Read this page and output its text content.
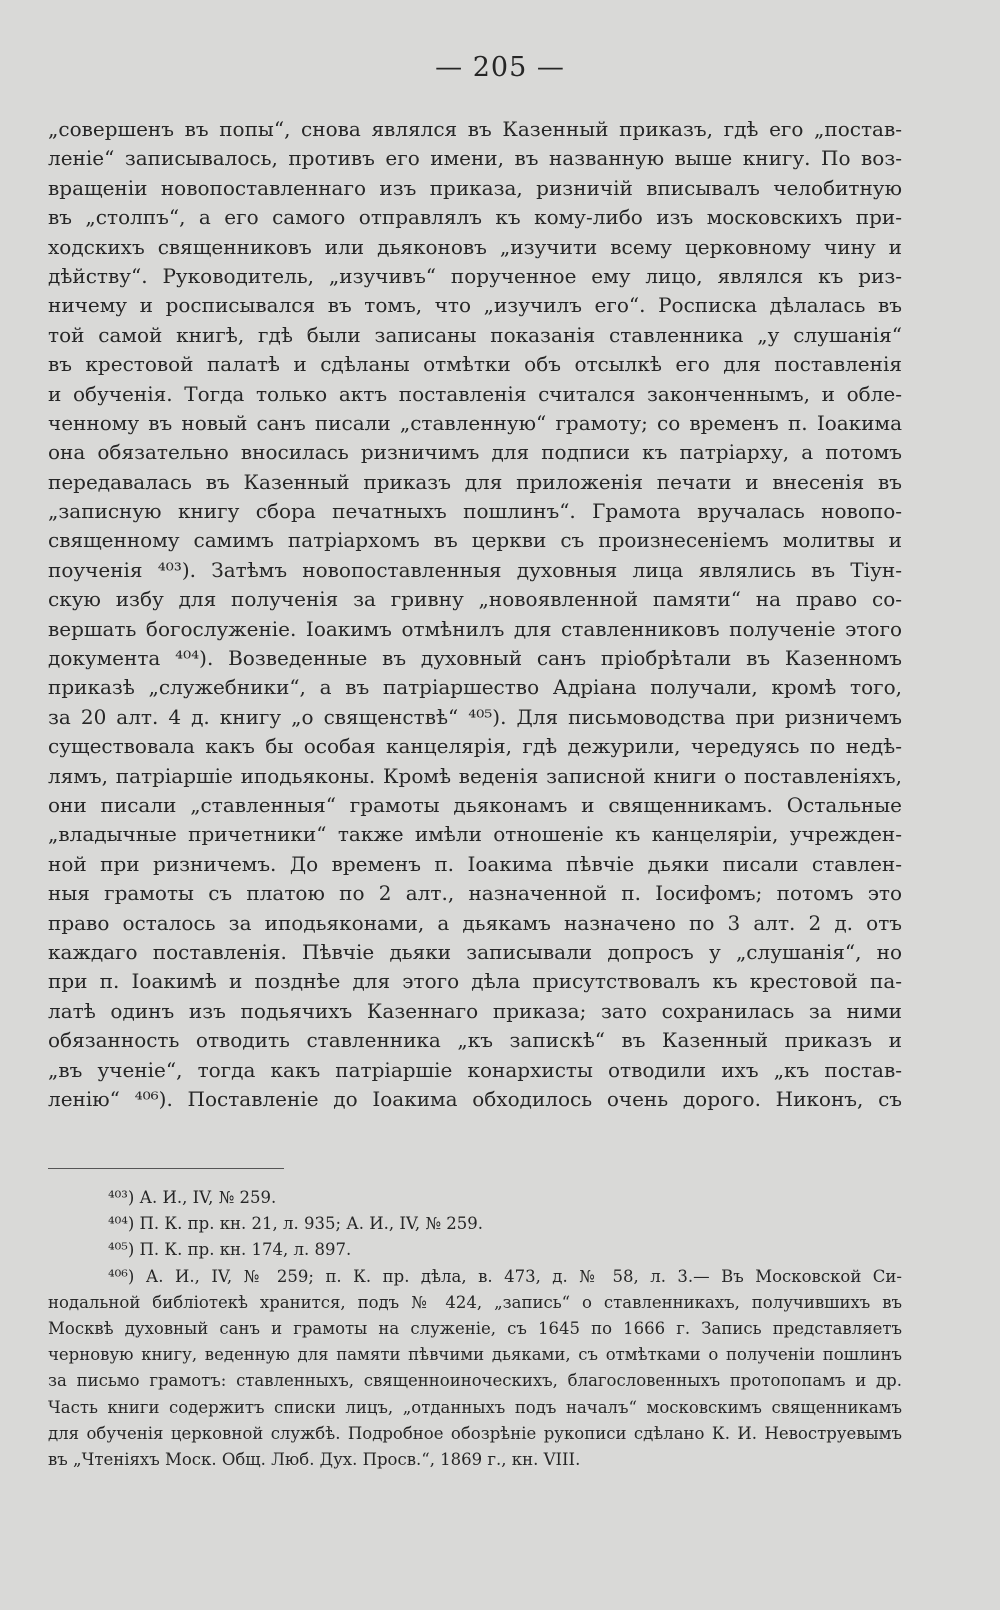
— 205 —
„совершенъ въ попы“, снова являлся въ Казенный приказъ, гдѣ его „постав-
леніе“ записывалось, противъ его имени, въ названную выше книгу. По воз-
вращеніи новопоставленнаго изъ приказа, ризничій вписывалъ челобитную
въ „столпъ“, а его самого отправлялъ къ кому-либо изъ московскихъ при-
ходскихъ священниковъ или дьяконовъ „изучити всему церковному чину и
дѣйству“. Руководитель, „изучивъ“ порученное ему лицо, являлся къ риз-
ничему и росписывался въ томъ, что „изучилъ его“. Росписка дѣлалась въ
той самой книгѣ, гдѣ были записаны показанія ставленника „у слушанія“
въ крестовой палатѣ и сдѣланы отмѣтки объ отсылкѣ его для поставленія
и обученія. Тогда только актъ поставленія считался законченнымъ, и обле-
ченному въ новый санъ писали „ставленную“ грамоту; со временъ п. Іоакима
она обязательно вносилась ризничимъ для подписи къ патріарху, а потомъ
передавалась въ Казенный приказъ для приложенія печати и внесенія въ
„записную книгу сбора печатныхъ пошлинъ“. Грамота вручалась новопо-
священному самимъ патріархомъ въ церкви съ произнесеніемъ молитвы и
поученія ⁴⁰³). Затѣмъ новопоставленныя духовныя лица являлись въ Тіун-
скую избу для полученія за гривну „новоявленной памяти“ на право со-
вершать богослуженіе. Іоакимъ отмѣнилъ для ставленниковъ полученіе этого
документа ⁴⁰⁴). Возведенные въ духовный санъ пріобрѣтали въ Казенномъ
приказѣ „служебники“, а въ патріаршество Адріана получали, кромѣ того,
за 20 алт. 4 д. книгу „о священствѣ“ ⁴⁰⁵). Для письмоводства при ризничемъ
существовала какъ бы особая канцелярія, гдѣ дежурили, чередуясь по недѣ-
лямъ, патріаршіе иподьяконы. Кромѣ веденія записной книги о поставленіяхъ,
они писали „ставленныя“ грамоты дьяконамъ и священникамъ. Остальные
„владычные причетники“ также имѣли отношеніе къ канцеляріи, учрежден-
ной при ризничемъ. До временъ п. Іоакима пѣвчіе дьяки писали ставлен-
ныя грамоты съ платою по 2 алт., назначенной п. Іосифомъ; потомъ это
право осталось за иподьяконами, а дьякамъ назначено по 3 алт. 2 д. отъ
каждаго поставленія. Пѣвчіе дьяки записывали допросъ у „слушанія“, но
при п. Іоакимѣ и позднѣе для этого дѣла присутствовалъ къ крестовой па-
латѣ одинъ изъ подьячихъ Казеннаго приказа; зато сохранилась за ними
обязанность отводить ставленника „къ запискѣ“ въ Казенный приказъ и
„въ ученіе“, тогда какъ патріаршіе конархисты отводили ихъ „къ постав-
ленію“ ⁴⁰⁶). Поставленіе до Іоакима обходилось очень дорого. Никонъ, съ
⁴⁰³) А. И., IV, № 259.
⁴⁰⁴) П. К. пр. кн. 21, л. 935; А. И., IV, № 259.
⁴⁰⁵) П. К. пр. кн. 174, л. 897.
⁴⁰⁶) А. И., IV, № 259; п. К. пр. дѣла, в. 473, д. № 58, л. 3.— Въ Московской Си-
нодальной библіотекѣ хранится, подъ № 424, „запись“ о ставленникахъ, получившихъ въ
Москвѣ духовный санъ и грамоты на служеніе, съ 1645 по 1666 г. Запись представляетъ
черновую книгу, веденную для памяти пѣвчими дьяками, съ отмѣтками о полученіи пошлинъ
за письмо грамотъ: ставленныхъ, священноиноческихъ, благословенныхъ протопопамъ и др.
Часть книги содержитъ списки лицъ, „отданныхъ подъ началъ“ московскимъ священникамъ
для обученія церковной службѣ. Подробное обозрѣніе рукописи сдѣлано К. И. Невоструевымъ
въ „Чтеніяхъ Моск. Общ. Люб. Дух. Просв.“, 1869 г., кн. VIII.
